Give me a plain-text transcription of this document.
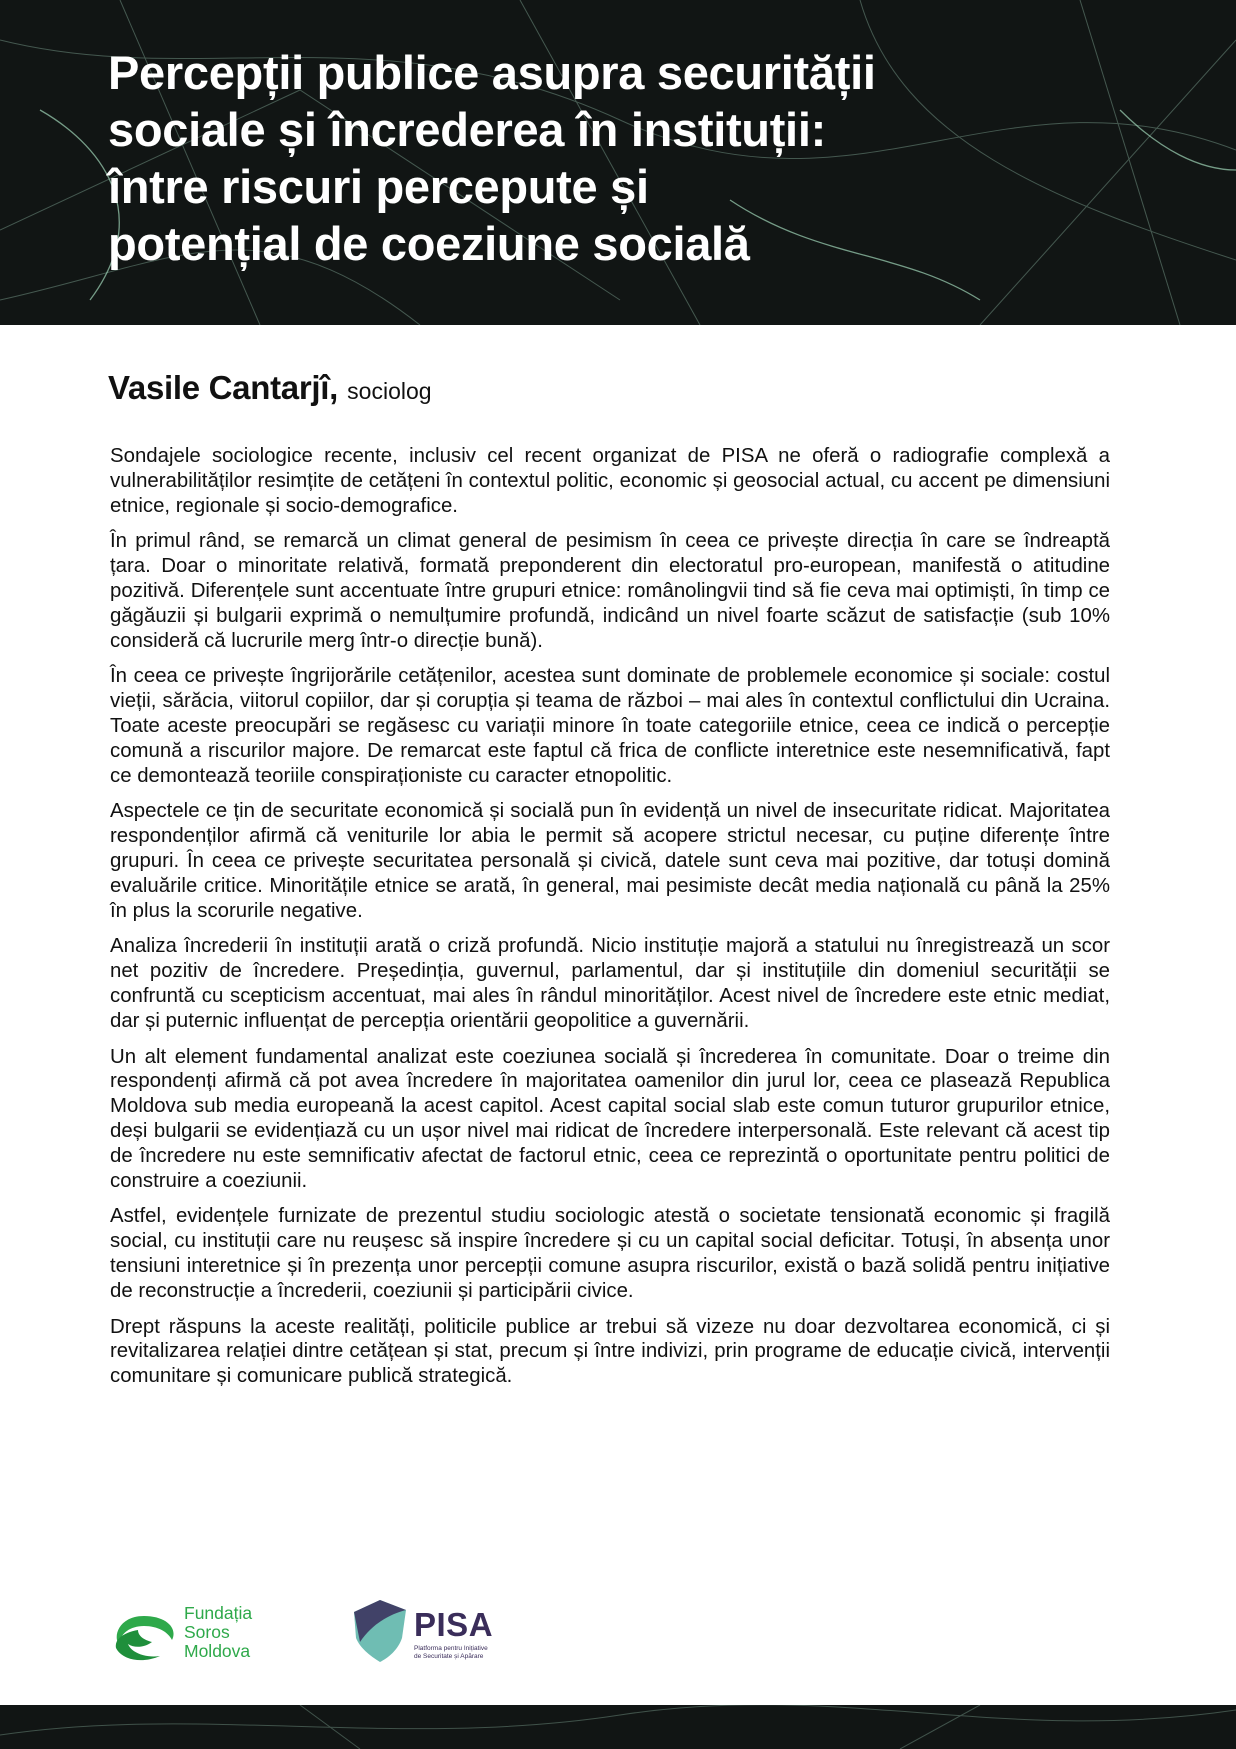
Percepții publice asupra securității
sociale și încrederea în instituții:
între riscuri percepute și
potențial de coeziune socială
Vasile Cantarjî, sociolog

Sondajele sociologice recente, inclusiv cel recent organizat de PISA ne oferă o radiografie complexă a vulnerabilităților resimțite de cetățeni în contextul politic, economic și geosocial actual, cu accent pe dimensiuni etnice, regionale și socio-demografice.

În primul rând, se remarcă un climat general de pesimism în ceea ce privește direcția în care se îndreaptă țara. Doar o minoritate relativă, formată preponderent din electoratul pro-european, manifestă o atitudine pozitivă. Diferențele sunt accentuate între grupuri etnice: românolingvii tind să fie ceva mai optimiști, în timp ce găgăuzii și bulgarii exprimă o nemulțumire profundă, indicând un nivel foarte scăzut de satisfacție (sub 10% consideră că lucrurile merg într-o direcție bună).

În ceea ce privește îngrijorările cetățenilor, acestea sunt dominate de problemele economice și sociale: costul vieții, sărăcia, viitorul copiilor, dar și corupția și teama de război – mai ales în contextul conflictului din Ucraina. Toate aceste preocupări se regăsesc cu variații minore în toate categoriile etnice, ceea ce indică o percepție comună a riscurilor majore. De remarcat este faptul că frica de conflicte interetnice este nesemnificativă, fapt ce demontează teoriile conspiraționiste cu caracter etnopolitic.

Aspectele ce țin de securitate economică și socială pun în evidență un nivel de insecuritate ridicat. Majoritatea respondenților afirmă că veniturile lor abia le permit să acopere strictul necesar, cu puține diferențe între grupuri. În ceea ce privește securitatea personală și civică, datele sunt ceva mai pozitive, dar totuși domină evaluările critice. Minoritățile etnice se arată, în general, mai pesimiste decât media națională cu până la 25% în plus la scorurile negative.

Analiza încrederii în instituții arată o criză profundă. Nicio instituție majoră a statului nu înregistrează un scor net pozitiv de încredere. Președinția, guvernul, parlamentul, dar și instituțiile din domeniul securității se confruntă cu scepticism accentuat, mai ales în rândul minorităților. Acest nivel de încredere este etnic mediat, dar și puternic influențat de percepția orientării geopolitice a guvernării.

Un alt element fundamental analizat este coeziunea socială și încrederea în comunitate. Doar o treime din respondenți afirmă că pot avea încredere în majoritatea oamenilor din jurul lor, ceea ce plasează Republica Moldova sub media europeană la acest capitol. Acest capital social slab este comun tuturor grupurilor etnice, deși bulgarii se evidențiază cu un ușor nivel mai ridicat de încredere interpersonală. Este relevant că acest tip de încredere nu este semnificativ afectat de factorul etnic, ceea ce reprezintă o oportunitate pentru politici de construire a coeziunii.

Astfel, evidențele furnizate de prezentul studiu sociologic atestă o societate tensionată economic și fragilă social, cu instituții care nu reușesc să inspire încredere și cu un capital social deficitar. Totuși, în absența unor tensiuni interetnice și în prezența unor percepții comune asupra riscurilor, există o bază solidă pentru inițiative de reconstrucție a încrederii, coeziunii și participării civice.

Drept răspuns la aceste realități, politicile publice ar trebui să vizeze nu doar dezvoltarea economică, ci și revitalizarea relației dintre cetățean și stat, precum și între indivizi, prin programe de educație civică, intervenții comunitare și comunicare publică strategică.

Fundația
Soros
Moldova
PISA
Platforma pentru Inițiative
de Securitate și Apărare
